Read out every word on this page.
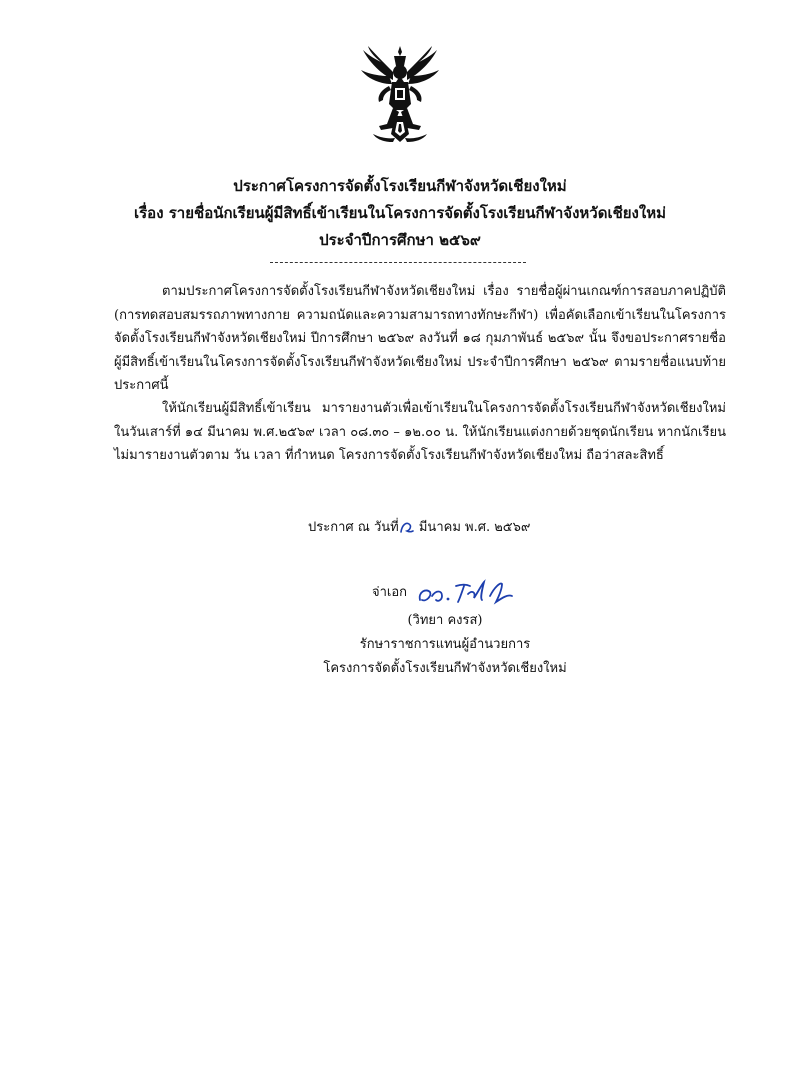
ประกาศโครงการจัดตั้งโรงเรียนกีฬาจังหวัดเชียงใหม่
เรื่อง รายชื่อนักเรียนผู้มีสิทธิ์เข้าเรียนในโครงการจัดตั้งโรงเรียนกีฬาจังหวัดเชียงใหม่
ประจำปีการศึกษา ๒๕๖๙
ตามประกาศโครงการจัดตั้งโรงเรียนกีฬาจังหวัดเชียงใหม่ เรื่อง รายชื่อผู้ผ่านเกณฑ์การสอบภาคปฏิบัติ (การทดสอบสมรรถภาพทางกาย ความถนัดและความสามารถทางทักษะกีฬา) เพื่อคัดเลือกเข้าเรียนในโครงการจัดตั้งโรงเรียนกีฬาจังหวัดเชียงใหม่ ปีการศึกษา ๒๕๖๙ ลงวันที่ ๑๘ กุมภาพันธ์ ๒๕๖๙ นั้น จึงขอประกาศรายชื่อผู้มีสิทธิ์เข้าเรียนในโครงการจัดตั้งโรงเรียนกีฬาจังหวัดเชียงใหม่ ประจำปีการศึกษา ๒๕๖๙ ตามรายชื่อแนบท้ายประกาศนี้
ให้นักเรียนผู้มีสิทธิ์เข้าเรียน มารายงานตัวเพื่อเข้าเรียนในโครงการจัดตั้งโรงเรียนกีฬาจังหวัดเชียงใหม่ ในวันเสาร์ที่ ๑๔ มีนาคม พ.ศ.๒๕๖๙ เวลา ๐๘.๓๐ – ๑๒.๐๐ น. ให้นักเรียนแต่งกายด้วยชุดนักเรียน หากนักเรียนไม่มารายงานตัวตาม วัน เวลา ที่กำหนด โครงการจัดตั้งโรงเรียนกีฬาจังหวัดเชียงใหม่ ถือว่าสละสิทธิ์
ประกาศ ณ วันที่ มีนาคม พ.ศ. ๒๕๖๙
$^{จ่าเอก}$
(วิทยา คงรส)
รักษาราชการแทนผู้อำนวยการ
โครงการจัดตั้งโรงเรียนกีฬาจังหวัดเชียงใหม่
